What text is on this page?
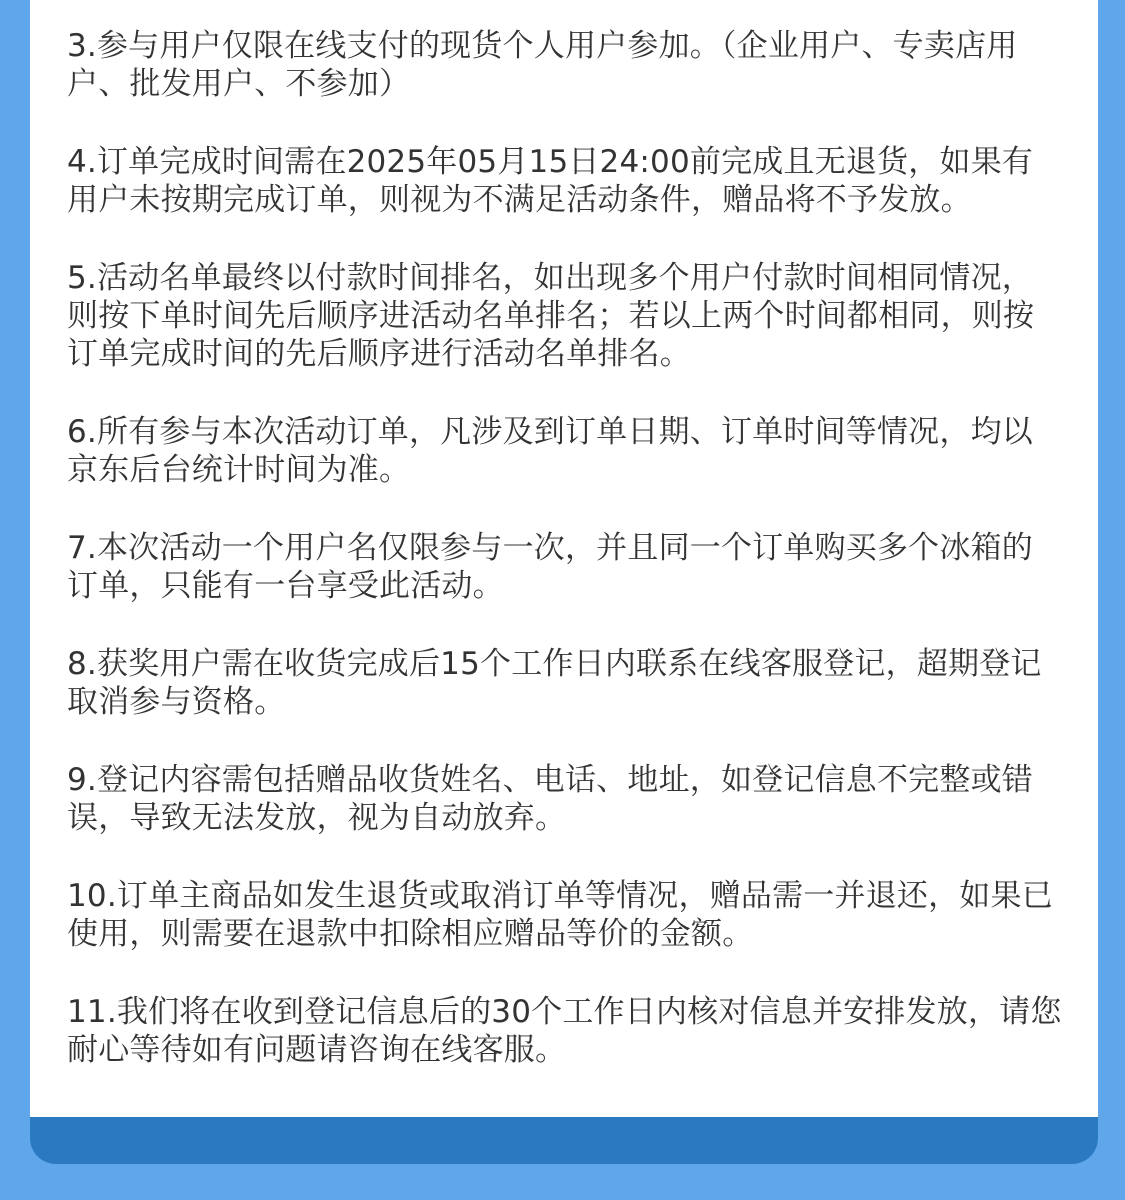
3.参与用户仅限在线支付的现货个人用户参加。（企业用户、专卖店用户、批发用户、不参加）
4.订单完成时间需在2025年05月15日24:00前完成且无退货，如果有用户未按期完成订单，则视为不满足活动条件，赠品将不予发放。
5.活动名单最终以付款时间排名，如出现多个用户付款时间相同情况，则按下单时间先后顺序进活动名单排名；若以上两个时间都相同，则按订单完成时间的先后顺序进行活动名单排名。
6.所有参与本次活动订单，凡涉及到订单日期、订单时间等情况，均以京东后台统计时间为准。
7.本次活动一个用户名仅限参与一次，并且同一个订单购买多个冰箱的订单，只能有一台享受此活动。
8.获奖用户需在收货完成后15个工作日内联系在线客服登记，超期登记取消参与资格。
9.登记内容需包括赠品收货姓名、电话、地址，如登记信息不完整或错误，导致无法发放，视为自动放弃。
10.订单主商品如发生退货或取消订单等情况，赠品需一并退还，如果已使用，则需要在退款中扣除相应赠品等价的金额。
11.我们将在收到登记信息后的30个工作日内核对信息并安排发放，请您耐心等待如有问题请咨询在线客服。
